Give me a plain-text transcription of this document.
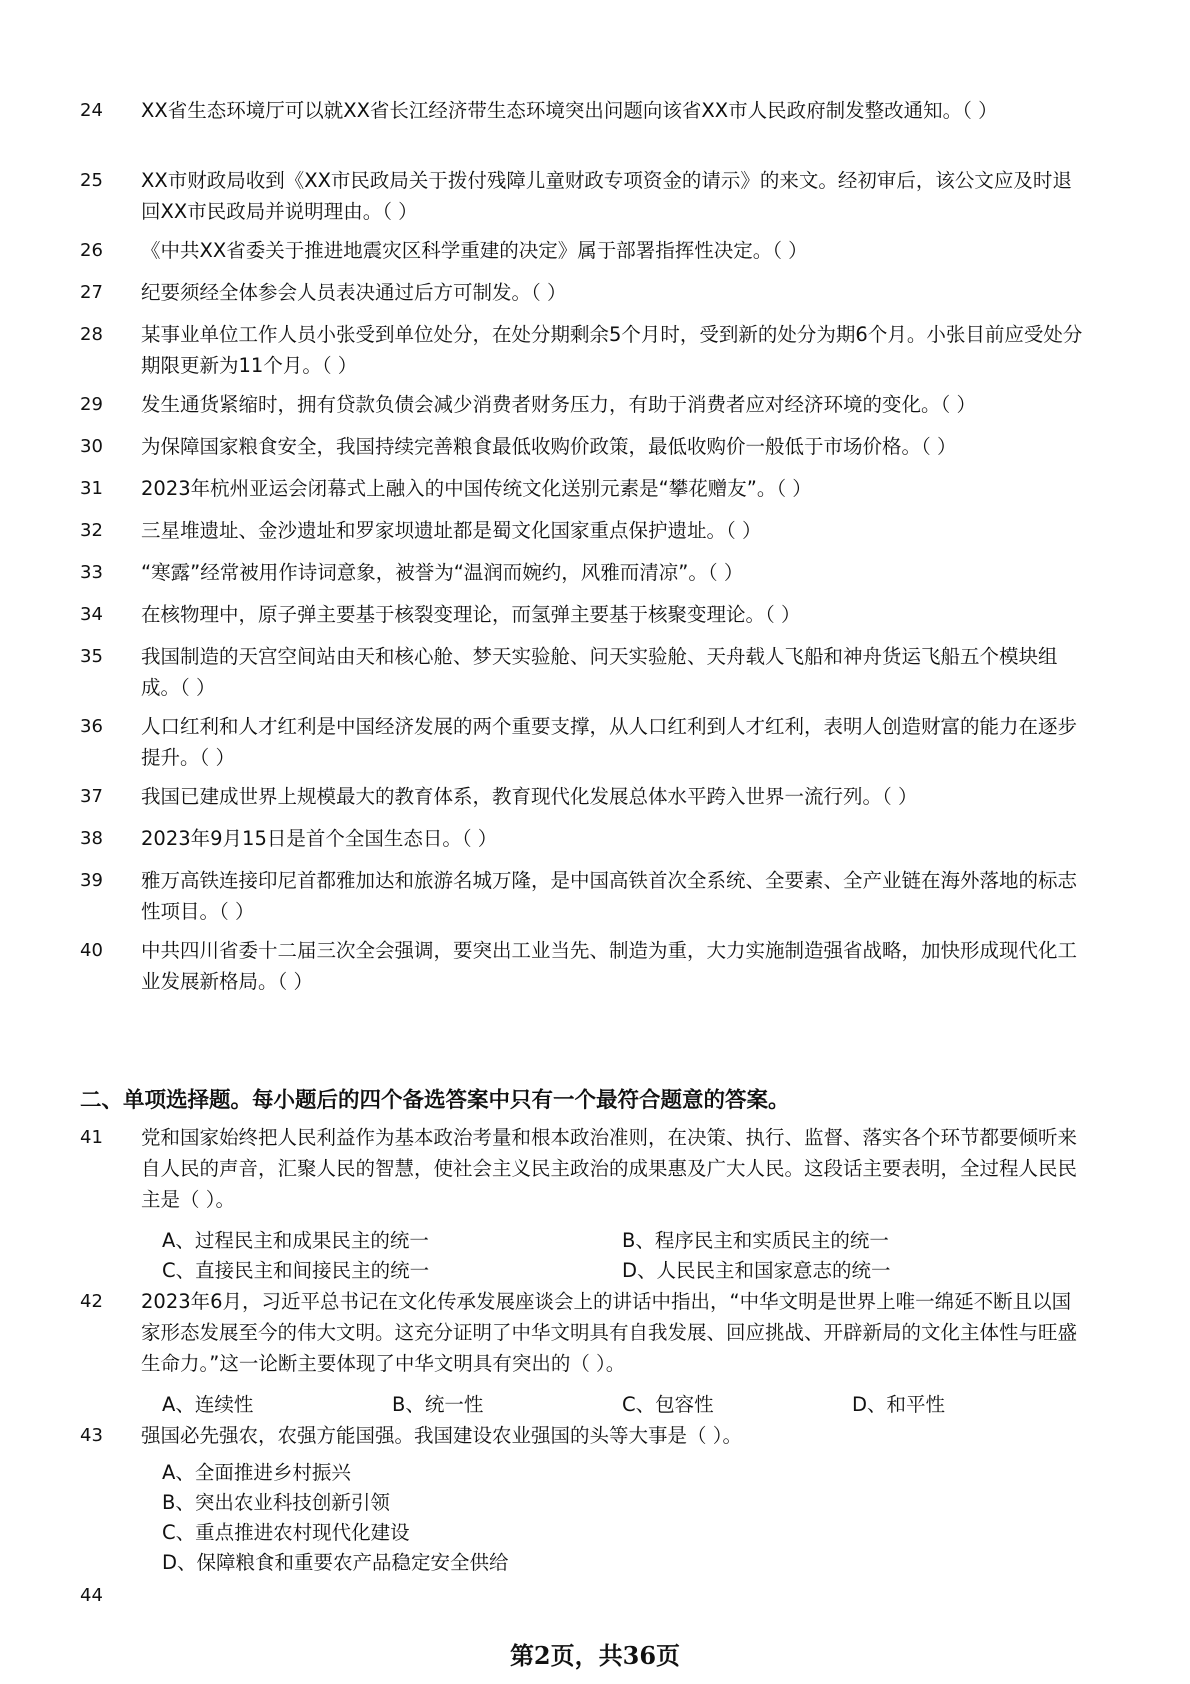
24	XX省生态环境厅可以就XX省长江经济带生态环境突出问题向该省XX市人民政府制发整改通知。（ ）
25	XX市财政局收到《XX市民政局关于拨付残障儿童财政专项资金的请示》的来文。经初审后，该公文应及时退回XX市民政局并说明理由。（ ）
26	《中共XX省委关于推进地震灾区科学重建的决定》属于部署指挥性决定。（ ）
27	纪要须经全体参会人员表决通过后方可制发。（ ）
28	某事业单位工作人员小张受到单位处分，在处分期剩余5个月时，受到新的处分为期6个月。小张目前应受处分期限更新为11个月。（ ）
29	发生通货紧缩时，拥有贷款负债会减少消费者财务压力，有助于消费者应对经济环境的变化。（ ）
30	为保障国家粮食安全，我国持续完善粮食最低收购价政策，最低收购价一般低于市场价格。（ ）
31	2023年杭州亚运会闭幕式上融入的中国传统文化送别元素是“攀花赠友”。（ ）
32	三星堆遗址、金沙遗址和罗家坝遗址都是蜀文化国家重点保护遗址。（ ）
33	“寒露”经常被用作诗词意象，被誉为“温润而婉约，风雅而清凉”。（ ）
34	在核物理中，原子弹主要基于核裂变理论，而氢弹主要基于核聚变理论。（ ）
35	我国制造的天宫空间站由天和核心舱、梦天实验舱、问天实验舱、天舟载人飞船和神舟货运飞船五个模块组成。（ ）
36	人口红利和人才红利是中国经济发展的两个重要支撑，从人口红利到人才红利，表明人创造财富的能力在逐步提升。（ ）
37	我国已建成世界上规模最大的教育体系，教育现代化发展总体水平跨入世界一流行列。（ ）
38	2023年9月15日是首个全国生态日。（ ）
39	雅万高铁连接印尼首都雅加达和旅游名城万隆，是中国高铁首次全系统、全要素、全产业链在海外落地的标志性项目。（ ）
40	中共四川省委十二届三次全会强调，要突出工业当先、制造为重，大力实施制造强省战略，加快形成现代化工业发展新格局。（ ）
二、单项选择题。每小题后的四个备选答案中只有一个最符合题意的答案。
41	党和国家始终把人民利益作为基本政治考量和根本政治准则，在决策、执行、监督、落实各个环节都要倾听来自人民的声音，汇聚人民的智慧，使社会主义民主政治的成果惠及广大人民。这段话主要表明，全过程人民民主是（ ）。
A、过程民主和成果民主的统一	B、程序民主和实质民主的统一
C、直接民主和间接民主的统一	D、人民民主和国家意志的统一
42	2023年6月，习近平总书记在文化传承发展座谈会上的讲话中指出，“中华文明是世界上唯一绵延不断且以国家形态发展至今的伟大文明。这充分证明了中华文明具有自我发展、回应挑战、开辟新局的文化主体性与旺盛生命力。”这一论断主要体现了中华文明具有突出的（ ）。
A、连续性	B、统一性	C、包容性	D、和平性
43	强国必先强农，农强方能国强。我国建设农业强国的头等大事是（ ）。
A、全面推进乡村振兴
B、突出农业科技创新引领
C、重点推进农村现代化建设
D、保障粮食和重要农产品稳定安全供给
44
第2页，共36页
